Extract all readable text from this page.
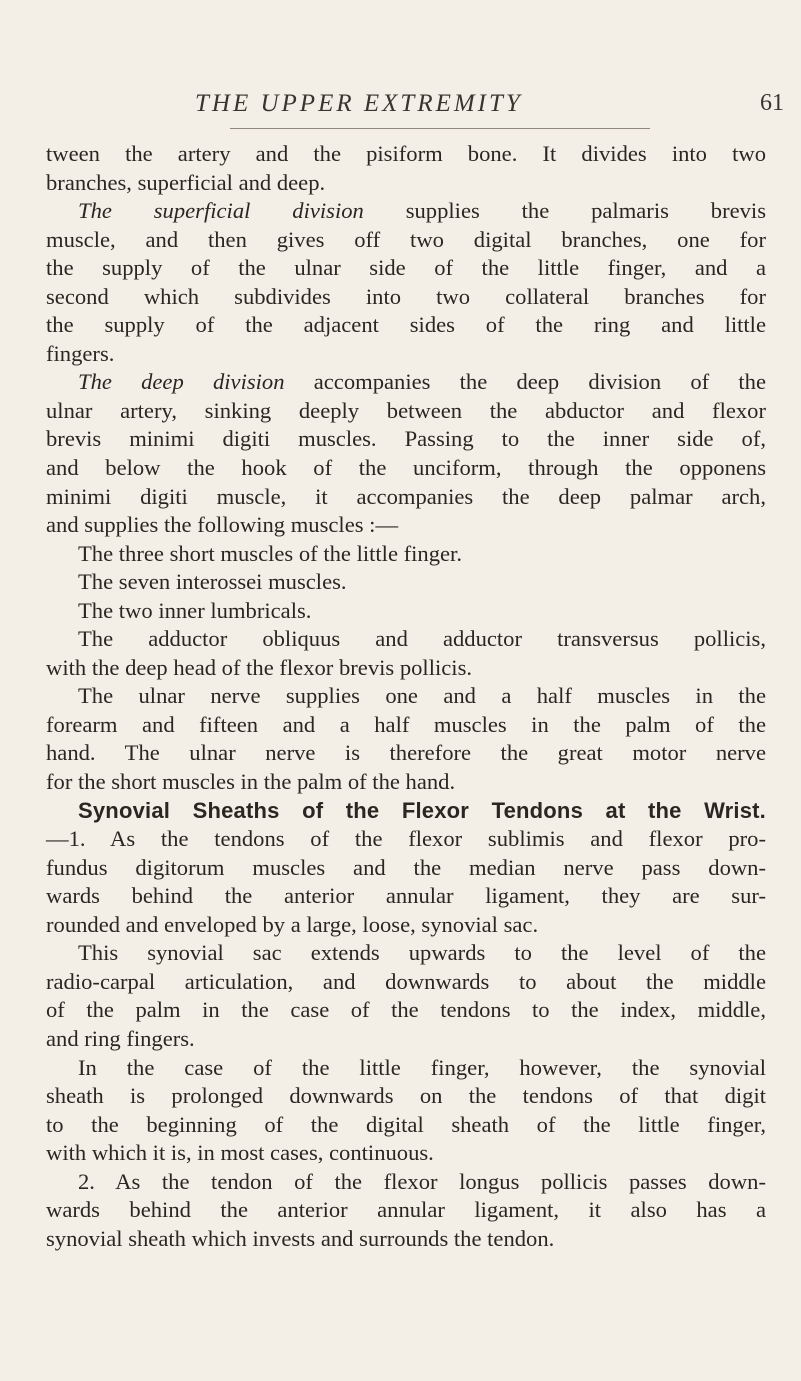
THE UPPER EXTREMITY	61
tween the artery and the pisiform bone. It divides into two
branches, superficial and deep.
The superficial division supplies the palmaris brevis
muscle, and then gives off two digital branches, one for
the supply of the ulnar side of the little finger, and a
second which subdivides into two collateral branches for
the supply of the adjacent sides of the ring and little
fingers.
The deep division accompanies the deep division of the
ulnar artery, sinking deeply between the abductor and flexor
brevis minimi digiti muscles. Passing to the inner side of,
and below the hook of the unciform, through the opponens
minimi digiti muscle, it accompanies the deep palmar arch,
and supplies the following muscles :—
The three short muscles of the little finger.
The seven interossei muscles.
The two inner lumbricals.
The adductor obliquus and adductor transversus pollicis,
with the deep head of the flexor brevis pollicis.
The ulnar nerve supplies one and a half muscles in the
forearm and fifteen and a half muscles in the palm of the
hand. The ulnar nerve is therefore the great motor nerve
for the short muscles in the palm of the hand.
Synovial Sheaths of the Flexor Tendons at the Wrist.
—1. As the tendons of the flexor sublimis and flexor pro-
fundus digitorum muscles and the median nerve pass down-
wards behind the anterior annular ligament, they are sur-
rounded and enveloped by a large, loose, synovial sac.
This synovial sac extends upwards to the level of the
radio-carpal articulation, and downwards to about the middle
of the palm in the case of the tendons to the index, middle,
and ring fingers.
In the case of the little finger, however, the synovial
sheath is prolonged downwards on the tendons of that digit
to the beginning of the digital sheath of the little finger,
with which it is, in most cases, continuous.
2. As the tendon of the flexor longus pollicis passes down-
wards behind the anterior annular ligament, it also has a
synovial sheath which invests and surrounds the tendon.
